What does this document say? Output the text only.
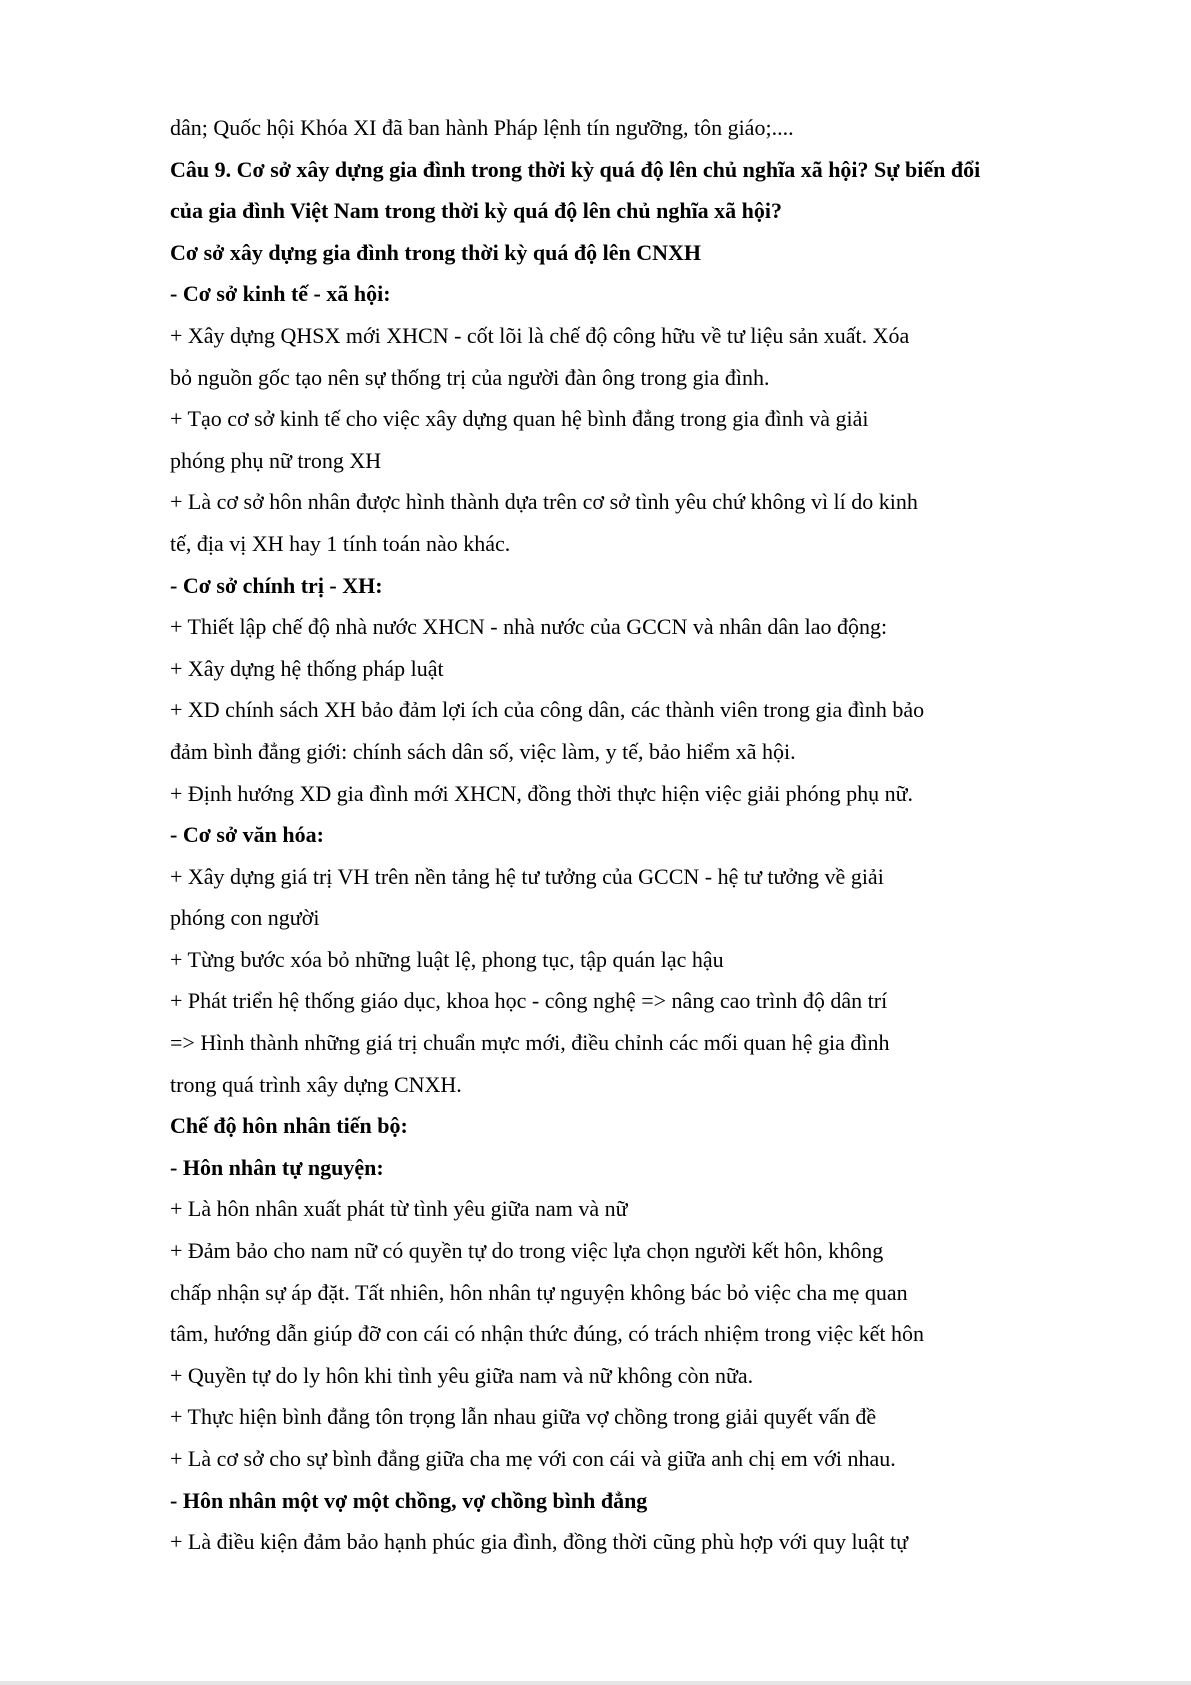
dân; Quốc hội Khóa XI đã ban hành Pháp lệnh tín ngưỡng, tôn giáo;....
Câu 9. Cơ sở xây dựng gia đình trong thời kỳ quá độ lên chủ nghĩa xã hội? Sự biến đổi
của gia đình Việt Nam trong thời kỳ quá độ lên chủ nghĩa xã hội?
Cơ sở xây dựng gia đình trong thời kỳ quá độ lên CNXH
- Cơ sở kinh tế - xã hội:
+ Xây dựng QHSX mới XHCN - cốt lõi là chế độ công hữu về tư liệu sản xuất. Xóa
bỏ nguồn gốc tạo nên sự thống trị của người đàn ông trong gia đình.
+ Tạo cơ sở kinh tế cho việc xây dựng quan hệ bình đẳng trong gia đình và giải
phóng phụ nữ trong XH
+ Là cơ sở hôn nhân được hình thành dựa trên cơ sở tình yêu chứ không vì lí do kinh
tế, địa vị XH hay 1 tính toán nào khác.
- Cơ sở chính trị - XH:
+ Thiết lập chế độ nhà nước XHCN - nhà nước của GCCN và nhân dân lao động:
+ Xây dựng hệ thống pháp luật
+ XD chính sách XH bảo đảm lợi ích của công dân, các thành viên trong gia đình bảo
đảm bình đẳng giới: chính sách dân số, việc làm, y tế, bảo hiểm xã hội.
+ Định hướng XD gia đình mới XHCN, đồng thời thực hiện việc giải phóng phụ nữ.
- Cơ sở văn hóa:
+ Xây dựng giá trị VH trên nền tảng hệ tư tưởng của GCCN - hệ tư tưởng về giải
phóng con người
+ Từng bước xóa bỏ những luật lệ, phong tục, tập quán lạc hậu
+ Phát triển hệ thống giáo dục, khoa học - công nghệ => nâng cao trình độ dân trí
=> Hình thành những giá trị chuẩn mực mới, điều chỉnh các mối quan hệ gia đình
trong quá trình xây dựng CNXH.
Chế độ hôn nhân tiến bộ:
- Hôn nhân tự nguyện:
+ Là hôn nhân xuất phát từ tình yêu giữa nam và nữ
+ Đảm bảo cho nam nữ có quyền tự do trong việc lựa chọn người kết hôn, không
chấp nhận sự áp đặt. Tất nhiên, hôn nhân tự nguyện không bác bỏ việc cha mẹ quan
tâm, hướng dẫn giúp đỡ con cái có nhận thức đúng, có trách nhiệm trong việc kết hôn
+ Quyền tự do ly hôn khi tình yêu giữa nam và nữ không còn nữa.
+ Thực hiện bình đẳng tôn trọng lẫn nhau giữa vợ chồng trong giải quyết vấn đề
+ Là cơ sở cho sự bình đẳng giữa cha mẹ với con cái và giữa anh chị em với nhau.
- Hôn nhân một vợ một chồng, vợ chồng bình đẳng
+ Là điều kiện đảm bảo hạnh phúc gia đình, đồng thời cũng phù hợp với quy luật tự
